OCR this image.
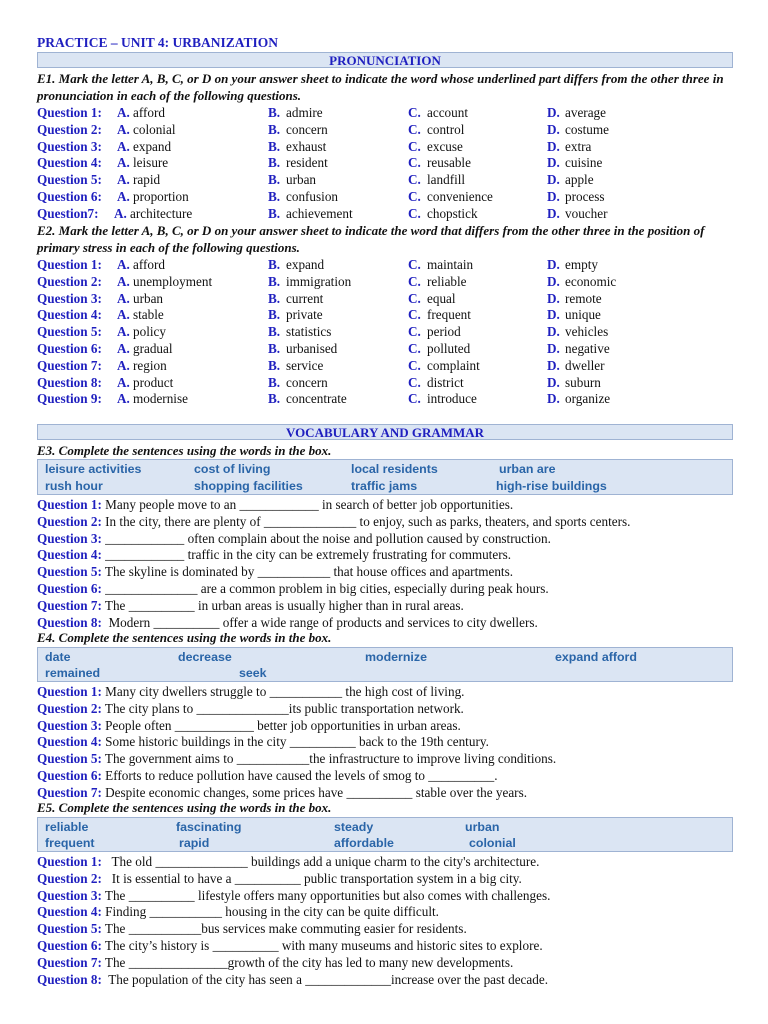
PRACTICE – UNIT 4: URBANIZATION
PRONUNCIATION
E1. Mark the letter A, B, C, or D on your answer sheet to indicate the word whose underlined part differs from the other three in pronunciation in each of the following questions.
Question 1: A. afford	B. admire	C. account	D. average
Question 2: A. colonial	B. concern	C. control	D. costume
Question 3: A. expand	B. exhaust	C. excuse	D. extra
Question 4: A. leisure	B. resident	C. reusable	D. cuisine
Question 5: A. rapid	B. urban	C. landfill	D. apple
Question 6: A. proportion	B. confusion	C. convenience	D. process
Question7: A. architecture	B. achievement	C. chopstick	D. voucher
E2. Mark the letter A, B, C, or D on your answer sheet to indicate the word that differs from the other three in the position of primary stress in each of the following questions.
Question 1: A. afford	B. expand	C. maintain	D. empty
Question 2: A. unemployment	B. immigration	C. reliable	D. economic
Question 3: A. urban	B. current	C. equal	D. remote
Question 4: A. stable	B. private	C. frequent	D. unique
Question 5: A. policy	B. statistics	C. period	D. vehicles
Question 6: A. gradual	B. urbanised	C. polluted	D. negative
Question 7: A. region	B. service	C. complaint	D. dweller
Question 8: A. product	B. concern	C. district	D. suburn
Question 9: A. modernise	B. concentrate	C. introduce	D. organize
VOCABULARY AND GRAMMAR
E3. Complete the sentences using the words in the box.
leisure activities	cost of living	local residents	urban are
rush hour	shopping facilities	traffic jams	high-rise buildings
Question 1: Many people move to an ____________ in search of better job opportunities.
Question 2: In the city, there are plenty of ______________ to enjoy, such as parks, theaters, and sports centers.
Question 3: ____________ often complain about the noise and pollution caused by construction.
Question 4: ____________ traffic in the city can be extremely frustrating for commuters.
Question 5: The skyline is dominated by ___________ that house offices and apartments.
Question 6: ______________ are a common problem in big cities, especially during peak hours.
Question 7: The __________ in urban areas is usually higher than in rural areas.
Question 8:  Modern __________ offer a wide range of products and services to city dwellers.
E4. Complete the sentences using the words in the box.
date	decrease	modernize	expand afford
remained	seek
Question 1: Many city dwellers struggle to ___________ the high cost of living.
Question 2: The city plans to ______________its public transportation network.
Question 3: People often ____________ better job opportunities in urban areas.
Question 4: Some historic buildings in the city __________ back to the 19th century.
Question 5: The government aims to ___________the infrastructure to improve living conditions.
Question 6: Efforts to reduce pollution have caused the levels of smog to __________.
Question 7: Despite economic changes, some prices have __________ stable over the years.
E5. Complete the sentences using the words in the box.
reliable	fascinating	steady	urban
frequent	rapid	affordable	colonial
Question 1:   The old ______________ buildings add a unique charm to the city's architecture.
Question 2:   It is essential to have a __________ public transportation system in a big city.
Question 3: The __________ lifestyle offers many opportunities but also comes with challenges.
Question 4: Finding ___________ housing in the city can be quite difficult.
Question 5: The ___________bus services make commuting easier for residents.
Question 6: The city’s history is __________ with many museums and historic sites to explore.
Question 7: The _______________growth of the city has led to many new developments.
Question 8:  The population of the city has seen a _____________increase over the past decade.
